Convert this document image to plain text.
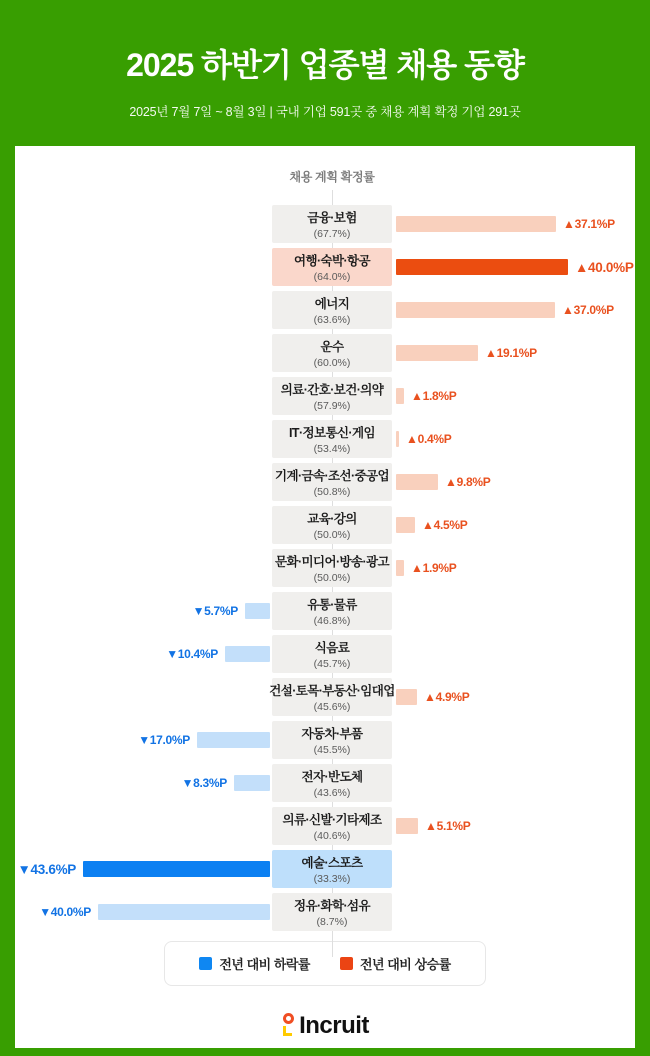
2025 하반기 업종별 채용 동향
2025년 7월 7일 ~ 8월 3일 | 국내 기업 591곳 중 채용 계획 확정 기업 291곳
채용 계획 확정률
▲37.1%P
금융·보험
(67.7%)
▲40.0%P
여행·숙박·항공
(64.0%)
▲37.0%P
에너지
(63.6%)
▲19.1%P
운수
(60.0%)
▲1.8%P
의료·간호·보건·의약
(57.9%)
▲0.4%P
IT·정보통신·게임
(53.4%)
▲9.8%P
기계·금속·조선·중공업
(50.8%)
▲4.5%P
교육·강의
(50.0%)
▲1.9%P
문화·미디어·방송·광고
(50.0%)
▼5.7%P	유통·물류
(46.8%)
▼10.4%P	식음료
(45.7%)
▲4.9%P
건설·토목·부동산·임대업
(45.6%)
▼17.0%P	자동차·부품
(45.5%)
▼8.3%P	전자·반도체
(43.6%)
▲5.1%P
의류·신발·기타제조
(40.6%)
▼43.6%P	예술·스포츠
(33.3%)
▼40.0%P	정유·화학·섬유
(8.7%)
전년 대비 하락률	전년 대비 상승률
Incruit
